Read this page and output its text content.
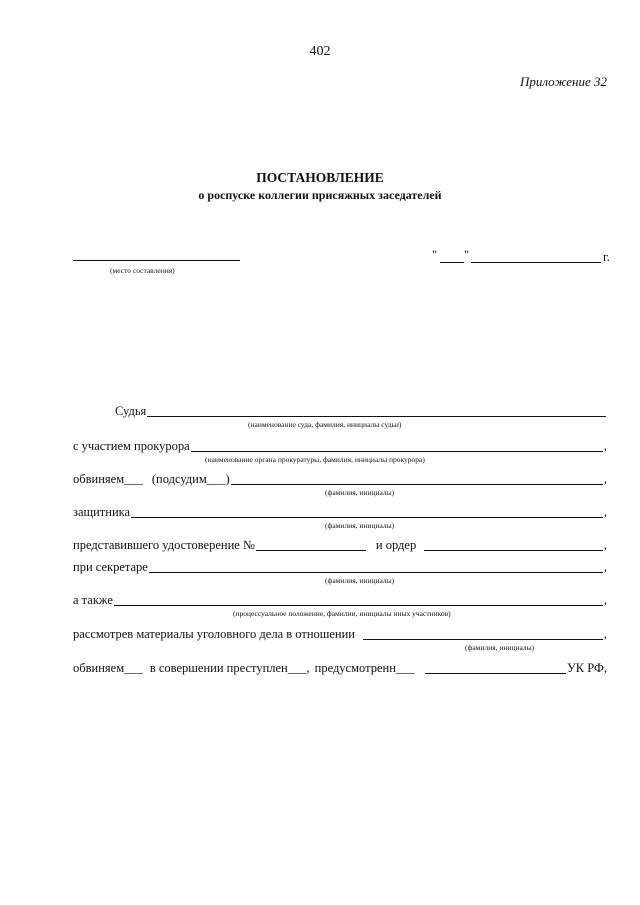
402
Приложение 32
ПОСТАНОВЛЕНИЕ
о роспуске коллегии присяжных заседателей
(место составления)
" "	г.
Судья
(наименование суда, фамилия, инициалы судьи)
с участием прокурора	,
(наименование органа прокуратуры, фамилия, инициалы прокурора)
обвиняем___ (подсудим___)	,
(фамилия, инициалы)
защитника	,
(фамилия, инициалы)
представившего удостоверение №	и ордер	,
при секретаре	,
(фамилия, инициалы)
а также	,
(процессуальное положение, фамилии, инициалы иных участников)
рассмотрев материалы уголовного дела в отношении	,
(фамилия, инициалы)
обвиняем___ в совершении преступлен___, предусмотренн___	УК РФ,
